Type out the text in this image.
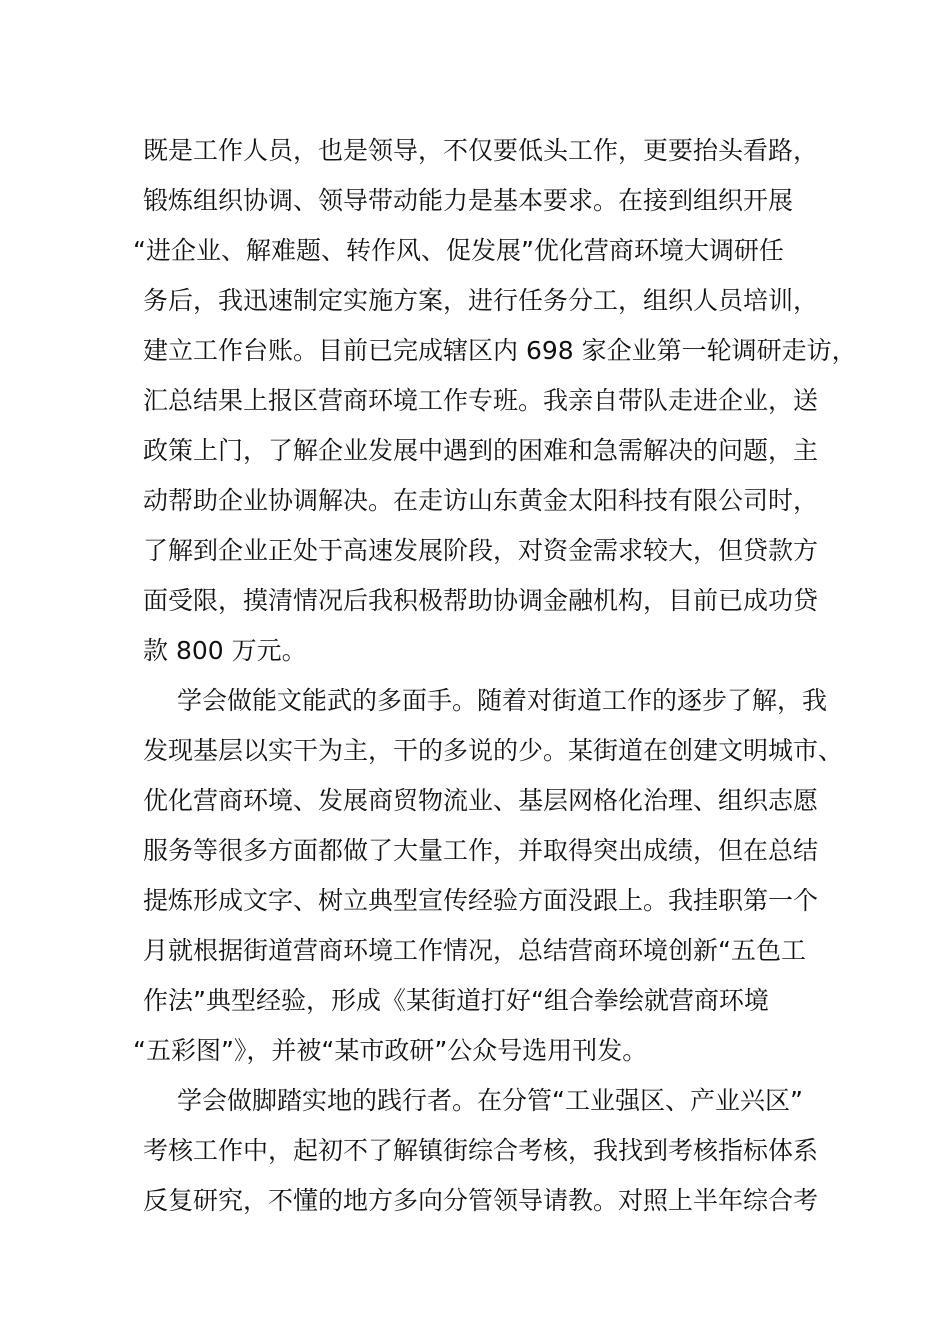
既是工作人员，也是领导，不仅要低头工作，更要抬头看路，
锻炼组织协调、领导带动能力是基本要求。在接到组织开展
“进企业、解难题、转作风、促发展”优化营商环境大调研任
务后，我迅速制定实施方案，进行任务分工，组织人员培训，
建立工作台账。目前已完成辖区内 698 家企业第一轮调研走访，
汇总结果上报区营商环境工作专班。我亲自带队走进企业，送
政策上门，了解企业发展中遇到的困难和急需解决的问题，主
动帮助企业协调解决。在走访山东黄金太阳科技有限公司时，
了解到企业正处于高速发展阶段，对资金需求较大，但贷款方
面受限，摸清情况后我积极帮助协调金融机构，目前已成功贷
款 800 万元。
学会做能文能武的多面手。随着对街道工作的逐步了解，我
发现基层以实干为主，干的多说的少。某街道在创建文明城市、
优化营商环境、发展商贸物流业、基层网格化治理、组织志愿
服务等很多方面都做了大量工作，并取得突出成绩，但在总结
提炼形成文字、树立典型宣传经验方面没跟上。我挂职第一个
月就根据街道营商环境工作情况，总结营商环境创新“五色工
作法”典型经验，形成《某街道打好“组合拳绘就营商环境
“五彩图”》，并被“某市政研”公众号选用刊发。
学会做脚踏实地的践行者。在分管“工业强区、产业兴区”
考核工作中，起初不了解镇街综合考核，我找到考核指标体系
反复研究，不懂的地方多向分管领导请教。对照上半年综合考
